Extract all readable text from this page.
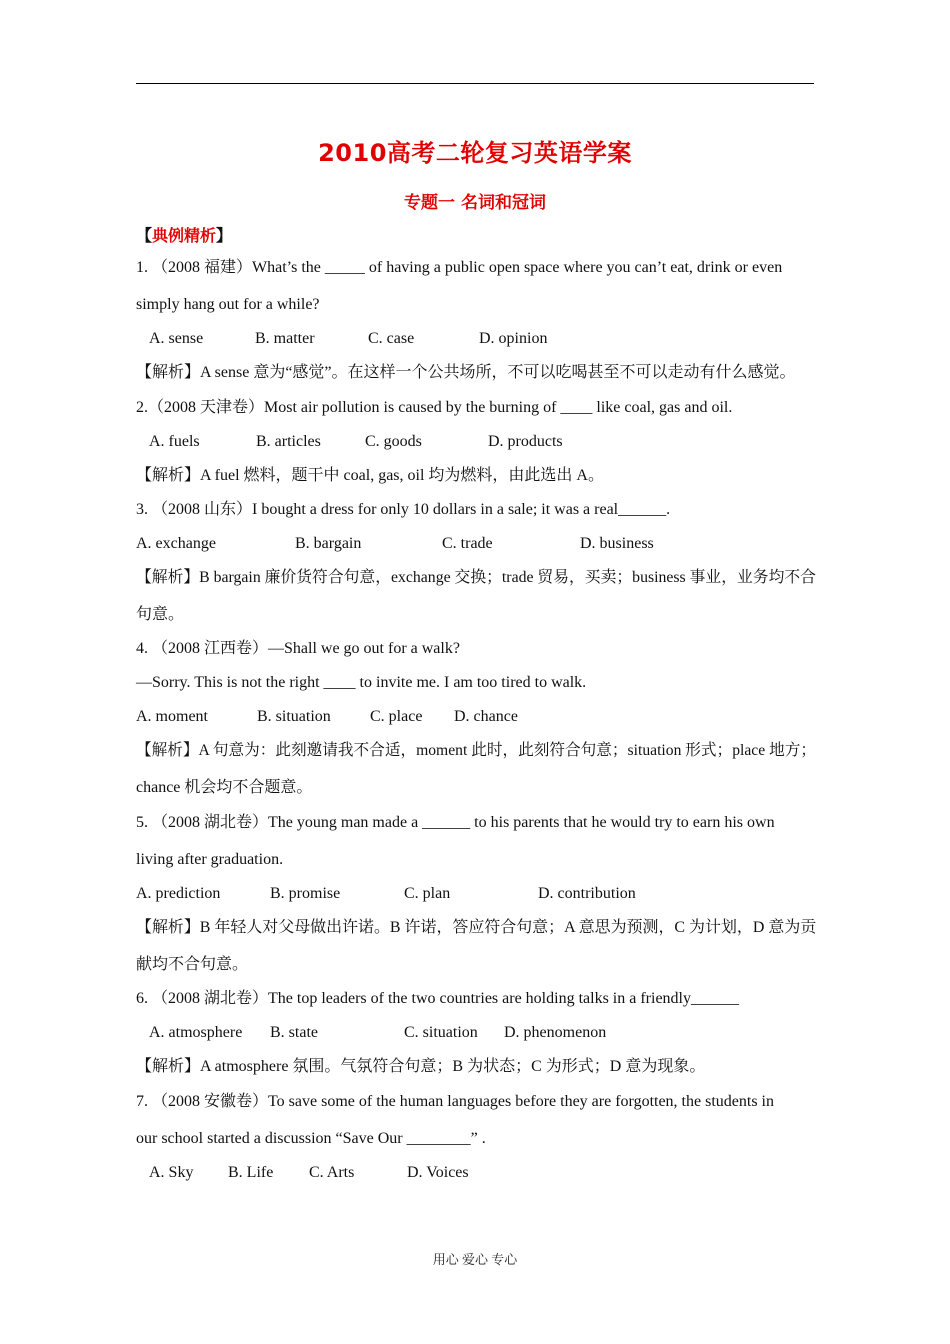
2010高考二轮复习英语学案
专题一 名词和冠词
【典例精析】
1. （2008 福建）What’s the _____ of having a public open space where you can’t eat, drink or even
simply hang out for a while?
A. sense	B. matter	C. case	D. opinion
【解析】A sense 意为“感觉”。在这样一个公共场所，不可以吃喝甚至不可以走动有什么感觉。
2.（2008 天津卷）Most air pollution is caused by the burning of ____ like coal, gas and oil.
A. fuels	B. articles	C. goods	D. products
【解析】A fuel 燃料，题干中 coal, gas, oil 均为燃料，由此选出 A。
3. （2008 山东）I bought a dress for only 10 dollars in a sale; it was a real______.
A. exchange	B. bargain	C. trade	D. business
【解析】B bargain 廉价货符合句意，exchange 交换；trade 贸易，买卖；business 事业，业务均不合
句意。
4. （2008 江西卷）—Shall we go out for a walk?
—Sorry. This is not the right ____ to invite me. I am too tired to walk.
A. moment	B. situation C. place D. chance
【解析】A 句意为：此刻邀请我不合适，moment 此时，此刻符合句意；situation 形式；place 地方；
chance 机会均不合题意。
5. （2008 湖北卷）The young man made a ______ to his parents that he would try to earn his own
living after graduation.
A. prediction	B. promise	C. plan	D. contribution
【解析】B 年轻人对父母做出许诺。B 许诺，答应符合句意；A 意思为预测，C 为计划，D 意为贡
献均不合句意。
6. （2008 湖北卷）The top leaders of the two countries are holding talks in a friendly______
A. atmosphere B. state	C. situation D. phenomenon
【解析】A atmosphere 氛围。气氛符合句意；B 为状态；C 为形式；D 意为现象。
7. （2008 安徽卷）To save some of the human languages before they are forgotten, the students in
our school started a discussion “Save Our ________” .
A. Sky B. Life C. Arts	D. Voices
用心 爱心 专心
